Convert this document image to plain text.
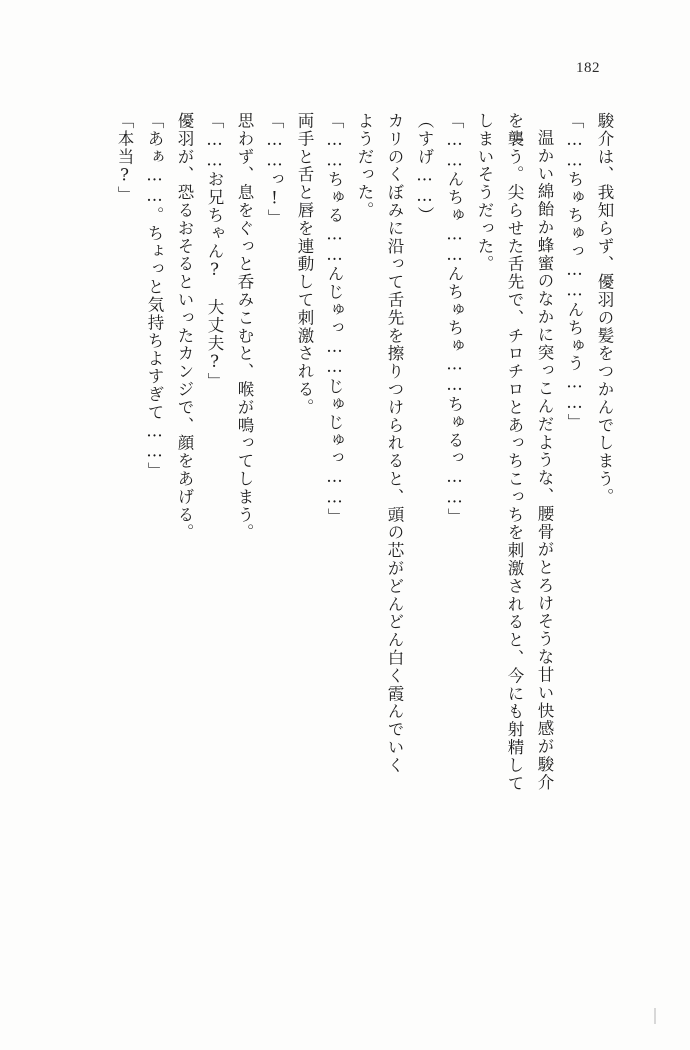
182
駿介は、我知らず、優羽の髪をつかんでしまう。
「……ちゅちゅっ……んちゅう……」
温かい綿飴か蜂蜜のなかに突っこんだような、腰骨がとろけそうな甘い快感が駿介
を襲う。尖らせた舌先で、チロチロとあっちこっちを刺激されると、今にも射精して
しまいそうだった。
「……んちゅ……んちゅちゅ……ちゅるっ……」
（すげ……）
カリのくぼみに沿って舌先を擦りつけられると、頭の芯がどんどん白く霞んでいく
ようだった。
「……ちゅる……んじゅっ……じゅじゅっ……」
両手と舌と唇を連動して刺激される。
「……っ!」
思わず、息をぐっと呑みこむと、喉が鳴ってしまう。
「……お兄ちゃん?　大丈夫?」
優羽が、恐るおそるといったカンジで、顔をあげる。
「あぁ……。ちょっと気持ちよすぎて……」
「本当?」
